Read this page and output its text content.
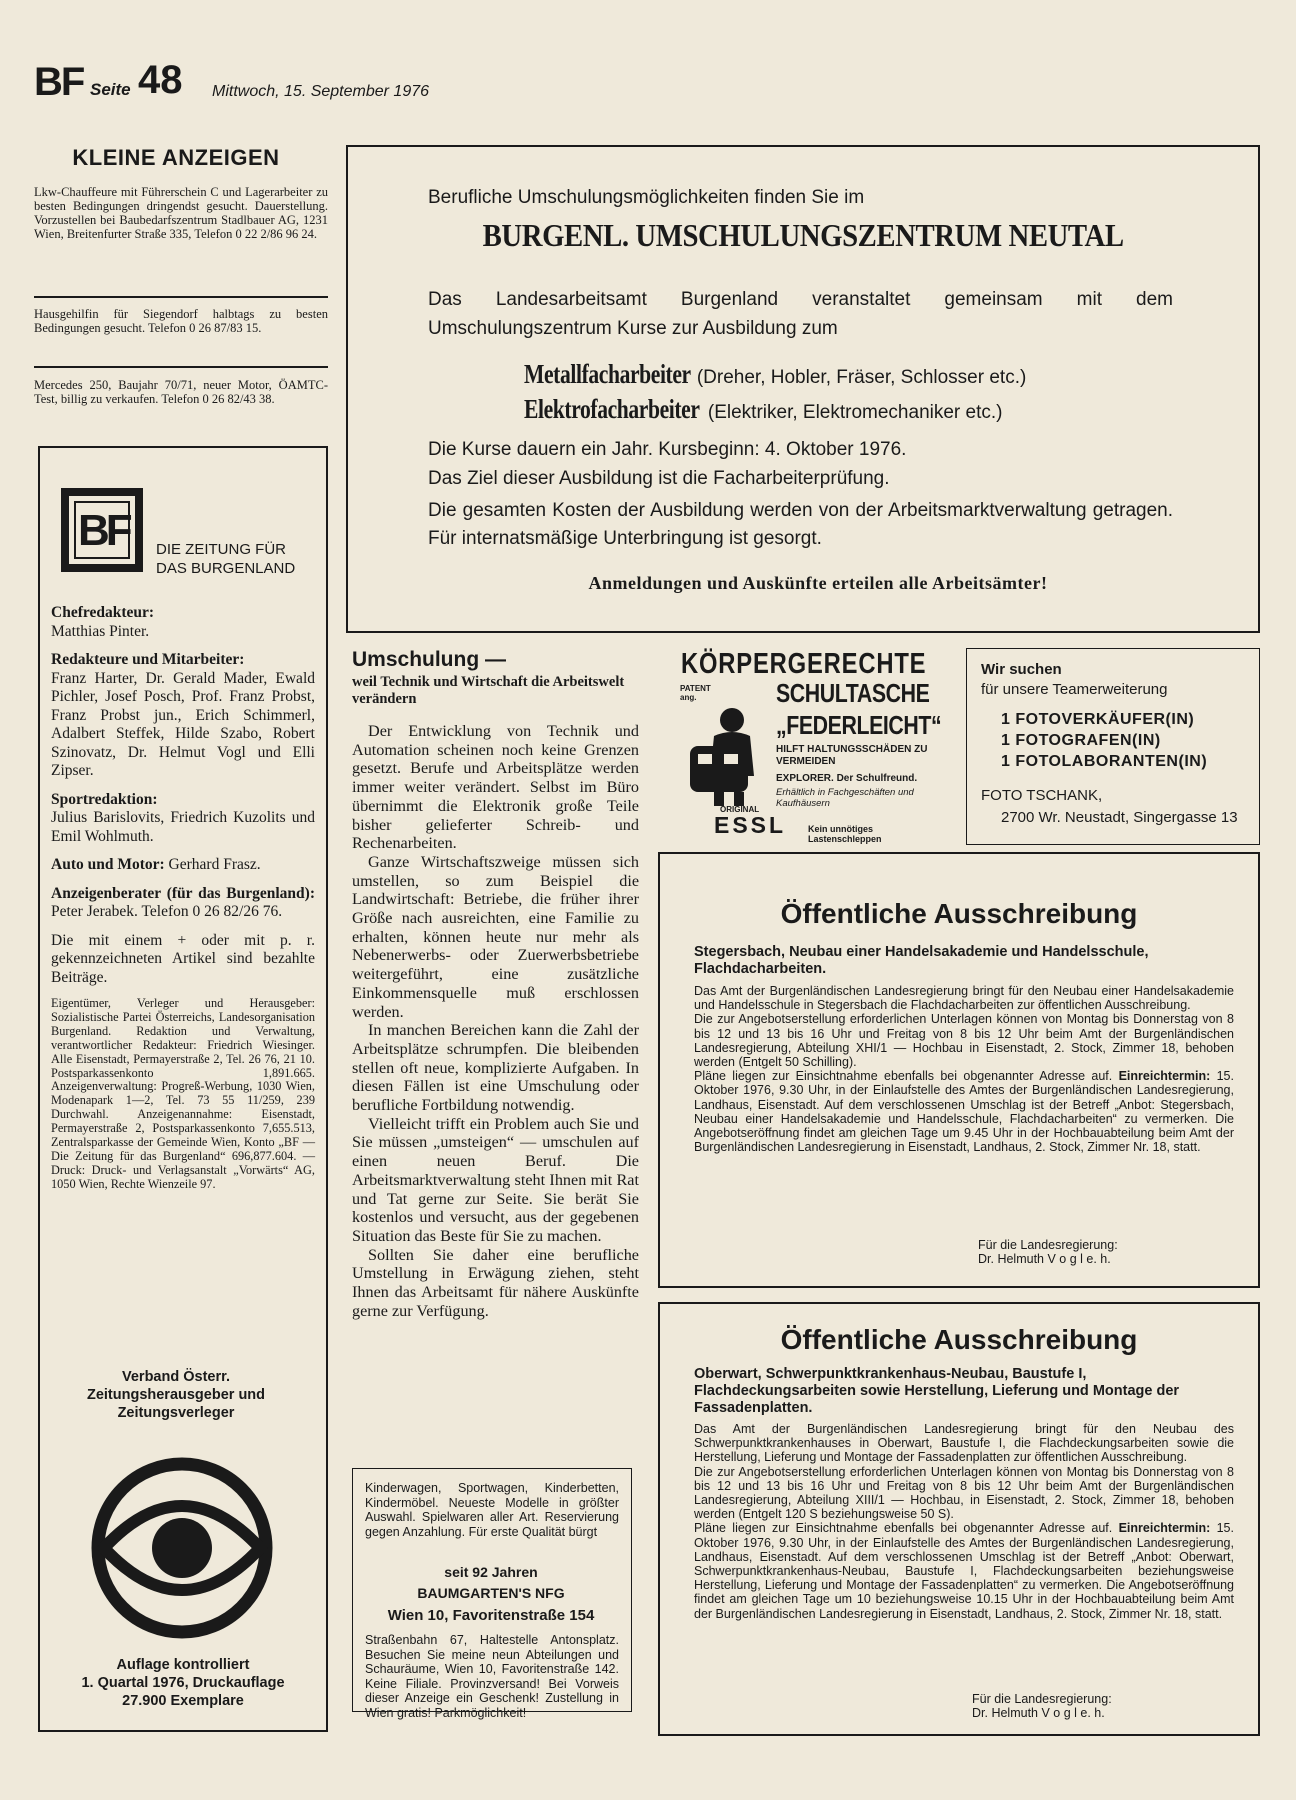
BF Seite 48 Mittwoch, 15. September 1976
KLEINE ANZEIGEN

Lkw-Chauffeure mit Führerschein C und Lagerarbeiter zu besten Bedingungen dringendst gesucht. Dauerstellung. Vorzustellen bei Baubedarfszentrum Stadlbauer AG, 1231 Wien, Breitenfurter Straße 335, Telefon 0 22 2/86 96 24.

Hausgehilfin für Siegendorf halbtags zu besten Bedingungen gesucht. Telefon 0 26 87/83 15.

Mercedes 250, Baujahr 70/71, neuer Motor, ÖAMTC-Test, billig zu verkaufen. Telefon 0 26 82/43 38.

BF DIE ZEITUNG FÜR
DAS BURGENLAND
Chefredakteur:
Matthias Pinter.
Redakteure und Mitarbeiter:
Franz Harter, Dr. Gerald Mader, Ewald Pichler, Josef Posch, Prof. Franz Probst, Franz Probst jun., Erich Schimmerl, Adalbert Steffek, Hilde Szabo, Robert Szinovatz, Dr. Helmut Vogl und Elli Zipser.
Sportredaktion:
Julius Barislovits, Friedrich Kuzolits und Emil Wohlmuth.
Auto und Motor: Gerhard Frasz.
Anzeigenberater (für das Burgenland): Peter Jerabek. Telefon 0 26 82/26 76.
Die mit einem + oder mit p. r. gekennzeichneten Artikel sind bezahlte Beiträge.
Eigentümer, Verleger und Herausgeber: Sozialistische Partei Österreichs, Landesorganisation Burgenland. Redaktion und Verwaltung, verantwortlicher Redakteur: Friedrich Wiesinger. Alle Eisenstadt, Permayerstraße 2, Tel. 26 76, 21 10. Postsparkassenkonto 1,891.665. Anzeigenverwaltung: Progreß-Werbung, 1030 Wien, Modenapark 1—2, Tel. 73 55 11/259, 239 Durchwahl. Anzeigenannahme: Eisenstadt, Permayerstraße 2, Postsparkassenkonto 7,655.513, Zentralsparkasse der Gemeinde Wien, Konto „BF — Die Zeitung für das Burgenland“ 696,877.604. — Druck: Druck- und Verlagsanstalt „Vorwärts“ AG, 1050 Wien, Rechte Wienzeile 97.
Verband Österr. Zeitungsherausgeber und Zeitungsverleger
Auflage kontrolliert
1. Quartal 1976, Druckauflage
27.900 Exemplare
Berufliche Umschulungsmöglichkeiten finden Sie im
BURGENL. UMSCHULUNGSZENTRUM NEUTAL
Das Landesarbeitsamt Burgenland veranstaltet gemeinsam mit dem Umschulungszentrum Kurse zur Ausbildung zum
Metallfacharbeiter (Dreher, Hobler, Fräser, Schlosser etc.)
Elektrofacharbeiter (Elektriker, Elektromechaniker etc.)
Die Kurse dauern ein Jahr. Kursbeginn: 4. Oktober 1976.
Das Ziel dieser Ausbildung ist die Facharbeiterprüfung.
Die gesamten Kosten der Ausbildung werden von der Arbeitsmarktverwaltung getragen. Für internatsmäßige Unterbringung ist gesorgt.
Anmeldungen und Auskünfte erteilen alle Arbeitsämter!
Umschulung —
weil Technik und Wirtschaft die Arbeitswelt verändern

Der Entwicklung von Technik und Automation scheinen noch keine Grenzen gesetzt. Berufe und Arbeitsplätze werden immer weiter verändert. Selbst im Büro übernimmt die Elektronik große Teile bisher gelieferter Schreib- und Rechenarbeiten.

Ganze Wirtschaftszweige müssen sich umstellen, so zum Beispiel die Landwirtschaft: Betriebe, die früher ihrer Größe nach ausreichten, eine Familie zu erhalten, können heute nur mehr als Nebenerwerbs- oder Zuerwerbsbetriebe weitergeführt, eine zusätzliche Einkommensquelle muß erschlossen werden.

In manchen Bereichen kann die Zahl der Arbeitsplätze schrumpfen. Die bleibenden stellen oft neue, komplizierte Aufgaben. In diesen Fällen ist eine Umschulung oder berufliche Fortbildung notwendig.

Vielleicht trifft ein Problem auch Sie und Sie müssen „umsteigen“ — umschulen auf einen neuen Beruf. Die Arbeitsmarktverwaltung steht Ihnen mit Rat und Tat gerne zur Seite. Sie berät Sie kostenlos und versucht, aus der gegebenen Situation das Beste für Sie zu machen.

Sollten Sie daher eine berufliche Umstellung in Erwägung ziehen, steht Ihnen das Arbeitsamt für nähere Auskünfte gerne zur Verfügung.

Kinderwagen, Sportwagen, Kinderbetten, Kindermöbel. Neueste Modelle in größter Auswahl. Spielwaren aller Art. Reservierung gegen Anzahlung. Für erste Qualität bürgt
seit 92 Jahren
BAUMGARTEN'S NFG
Wien 10, Favoritenstraße 154
Straßenbahn 67, Haltestelle Antonsplatz. Besuchen Sie meine neun Abteilungen und Schauräume, Wien 10, Favoritenstraße 142. Keine Filiale. Provinzversand! Bei Vorweis dieser Anzeige ein Geschenk! Zustellung in Wien gratis! Parkmöglichkeit!
KÖRPERGERECHTE
PATENT ang.	SCHULTASCHE
„FEDERLEICHT“
HILFT HALTUNGSSCHÄDEN ZU VERMEIDEN
EXPLORER. Der Schulfreund.
Erhältlich in Fachgeschäften und Kaufhäusern
ORIGINAL
ESSL Kein unnötiges Lastenschleppen
Wir suchen
für unsere Teamerweiterung
1 FOTOVERKÄUFER(IN)
1 FOTOGRAFEN(IN)
1 FOTOLABORANTEN(IN)
FOTO TSCHANK,
2700 Wr. Neustadt, Singergasse 13
Öffentliche Ausschreibung
Stegersbach, Neubau einer Handelsakademie und Handelsschule, Flachdacharbeiten.

Das Amt der Burgenländischen Landesregierung bringt für den Neubau einer Handelsakademie und Handelsschule in Stegersbach die Flachdacharbeiten zur öffentlichen Ausschreibung.

Die zur Angebotserstellung erforderlichen Unterlagen können von Montag bis Donnerstag von 8 bis 12 und 13 bis 16 Uhr und Freitag von 8 bis 12 Uhr beim Amt der Burgenländischen Landesregierung, Abteilung XHI/1 — Hochbau in Eisenstadt, 2. Stock, Zimmer 18, behoben werden (Entgelt 50 Schilling).

Pläne liegen zur Einsichtnahme ebenfalls bei obgenannter Adresse auf. Einreichtermin: 15. Oktober 1976, 9.30 Uhr, in der Einlaufstelle des Amtes der Burgenländischen Landesregierung, Landhaus, Eisenstadt. Auf dem verschlossenen Umschlag ist der Betreff „Anbot: Stegersbach, Neubau einer Handelsakademie und Handelsschule, Flachdacharbeiten“ zu vermerken. Die Angebotseröffnung findet am gleichen Tage um 9.45 Uhr in der Hochbauabteilung beim Amt der Burgenländischen Landesregierung in Eisenstadt, Landhaus, 2. Stock, Zimmer Nr. 18, statt.

Für die Landesregierung:
Dr. Helmuth V o g l e. h.
Öffentliche Ausschreibung
Oberwart, Schwerpunktkrankenhaus-Neubau, Baustufe I, Flachdeckungsarbeiten sowie Herstellung, Lieferung und Montage der Fassadenplatten.

Das Amt der Burgenländischen Landesregierung bringt für den Neubau des Schwerpunktkrankenhauses in Oberwart, Baustufe I, die Flachdeckungsarbeiten sowie die Herstellung, Lieferung und Montage der Fassadenplatten zur öffentlichen Ausschreibung.

Die zur Angebotserstellung erforderlichen Unterlagen können von Montag bis Donnerstag von 8 bis 12 und 13 bis 16 Uhr und Freitag von 8 bis 12 Uhr beim Amt der Burgenländischen Landesregierung, Abteilung XIII/1 — Hochbau, in Eisenstadt, 2. Stock, Zimmer 18, behoben werden (Entgelt 120 S beziehungsweise 50 S).

Pläne liegen zur Einsichtnahme ebenfalls bei obgenannter Adresse auf. Einreichtermin: 15. Oktober 1976, 9.30 Uhr, in der Einlaufstelle des Amtes der Burgenländischen Landesregierung, Landhaus, Eisenstadt. Auf dem verschlossenen Umschlag ist der Betreff „Anbot: Oberwart, Schwerpunktkrankenhaus-Neubau, Baustufe I, Flachdeckungsarbeiten beziehungsweise Herstellung, Lieferung und Montage der Fassadenplatten“ zu vermerken. Die Angebotseröffnung findet am gleichen Tage um 10 beziehungsweise 10.15 Uhr in der Hochbauabteilung beim Amt der Burgenländischen Landesregierung in Eisenstadt, Landhaus, 2. Stock, Zimmer Nr. 18, statt.

Für die Landesregierung:
Dr. Helmuth V o g l e. h.
